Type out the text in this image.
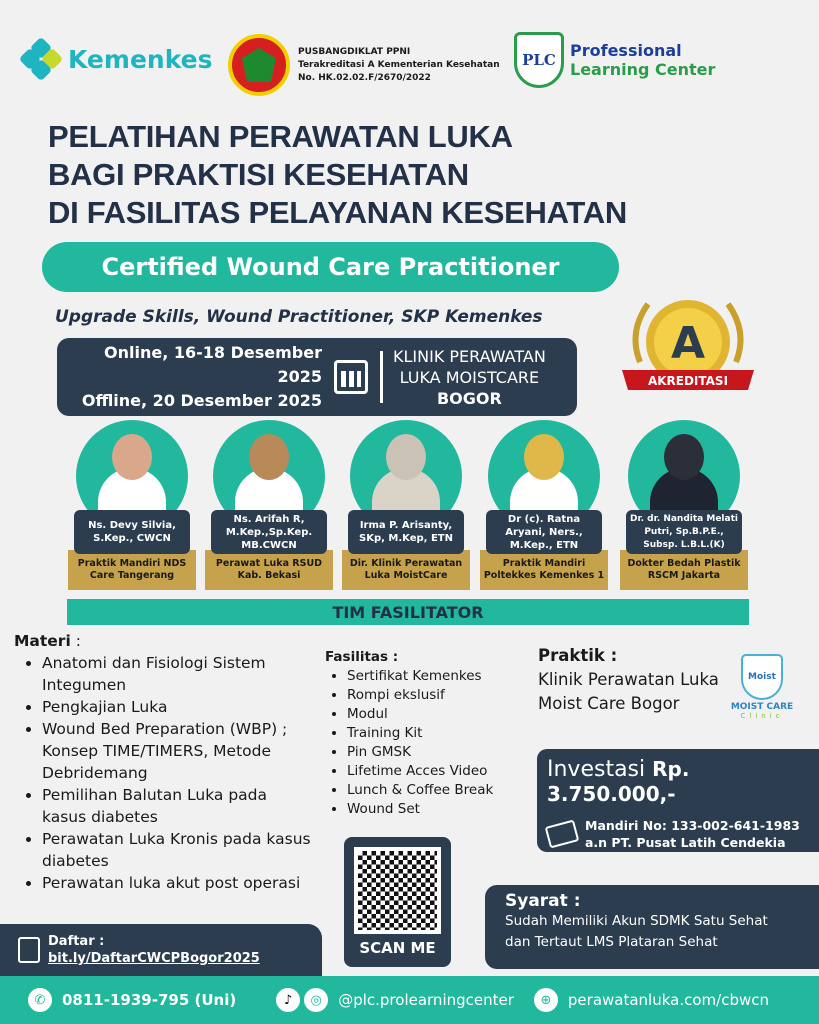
Kemenkes	PUSBANGDIKLAT PPNI
Terakreditasi A Kementerian Kesehatan
No. HK.02.02.F/2670/2022
PLC Professional
Learning Center
PELATIHAN PERAWATAN LUKA
BAGI PRAKTISI KESEHATAN
DI FASILITAS PELAYANAN KESEHATAN
Certified Wound Care Practitioner
Upgrade Skills, Wound Practitioner, SKP Kemenkes
A
AKREDITASI
Online, 16-18 Desember 2025
Offline, 20 Desember 2025
KLINIK PERAWATAN
LUKA MOISTCARE
BOGOR
Ns. Devy Silvia, S.Kep., CWCN
Praktik Mandiri NDS Care Tangerang
Ns. Arifah R, M.Kep.,Sp.Kep. MB.CWCN
Perawat Luka RSUD Kab. Bekasi
Irma P. Arisanty, SKp, M.Kep, ETN
Dir. Klinik Perawatan Luka MoistCare
Dr (c). Ratna Aryani, Ners., M.Kep., ETN
Praktik Mandiri Poltekkes Kemenkes 1
Dr. dr. Nandita Melati Putri, Sp.B.P.E., Subsp. L.B.L.(K)
Dokter Bedah Plastik RSCM Jakarta
TIM FASILITATOR
Materi :
• Anatomi dan Fisiologi Sistem Integumen
• Pengkajian Luka
• Wound Bed Preparation (WBP) ; Konsep TIME/TIMERS, Metode Debridemang
• Pemilihan Balutan Luka pada kasus diabetes
• Perawatan Luka Kronis pada kasus diabetes
• Perawatan luka akut post operasi
Fasilitas :
• Sertifikat Kemenkes
• Rompi ekslusif
• Modul
• Training Kit
• Pin GMSK
• Lifetime Acces Video
• Lunch & Coffee Break
• Wound Set
Praktik :
Klinik Perawatan Luka
Moist Care Bogor
Moist
MOIST CARE
Clinic
Investasi Rp. 3.750.000,-
Mandiri No: 133-002-641-1983
a.n PT. Pusat Latih Cendekia
SCAN ME
Syarat :
Sudah Memiliki Akun SDMK Satu Sehat
dan Tertaut LMS Plataran Sehat
Daftar :
bit.ly/DaftarCWCPBogor2025
✆	0811-1939-795 (Uni)	♪	◎	@plc.prolearningcenter	⊕	perawatanluka.com/cbwcn
